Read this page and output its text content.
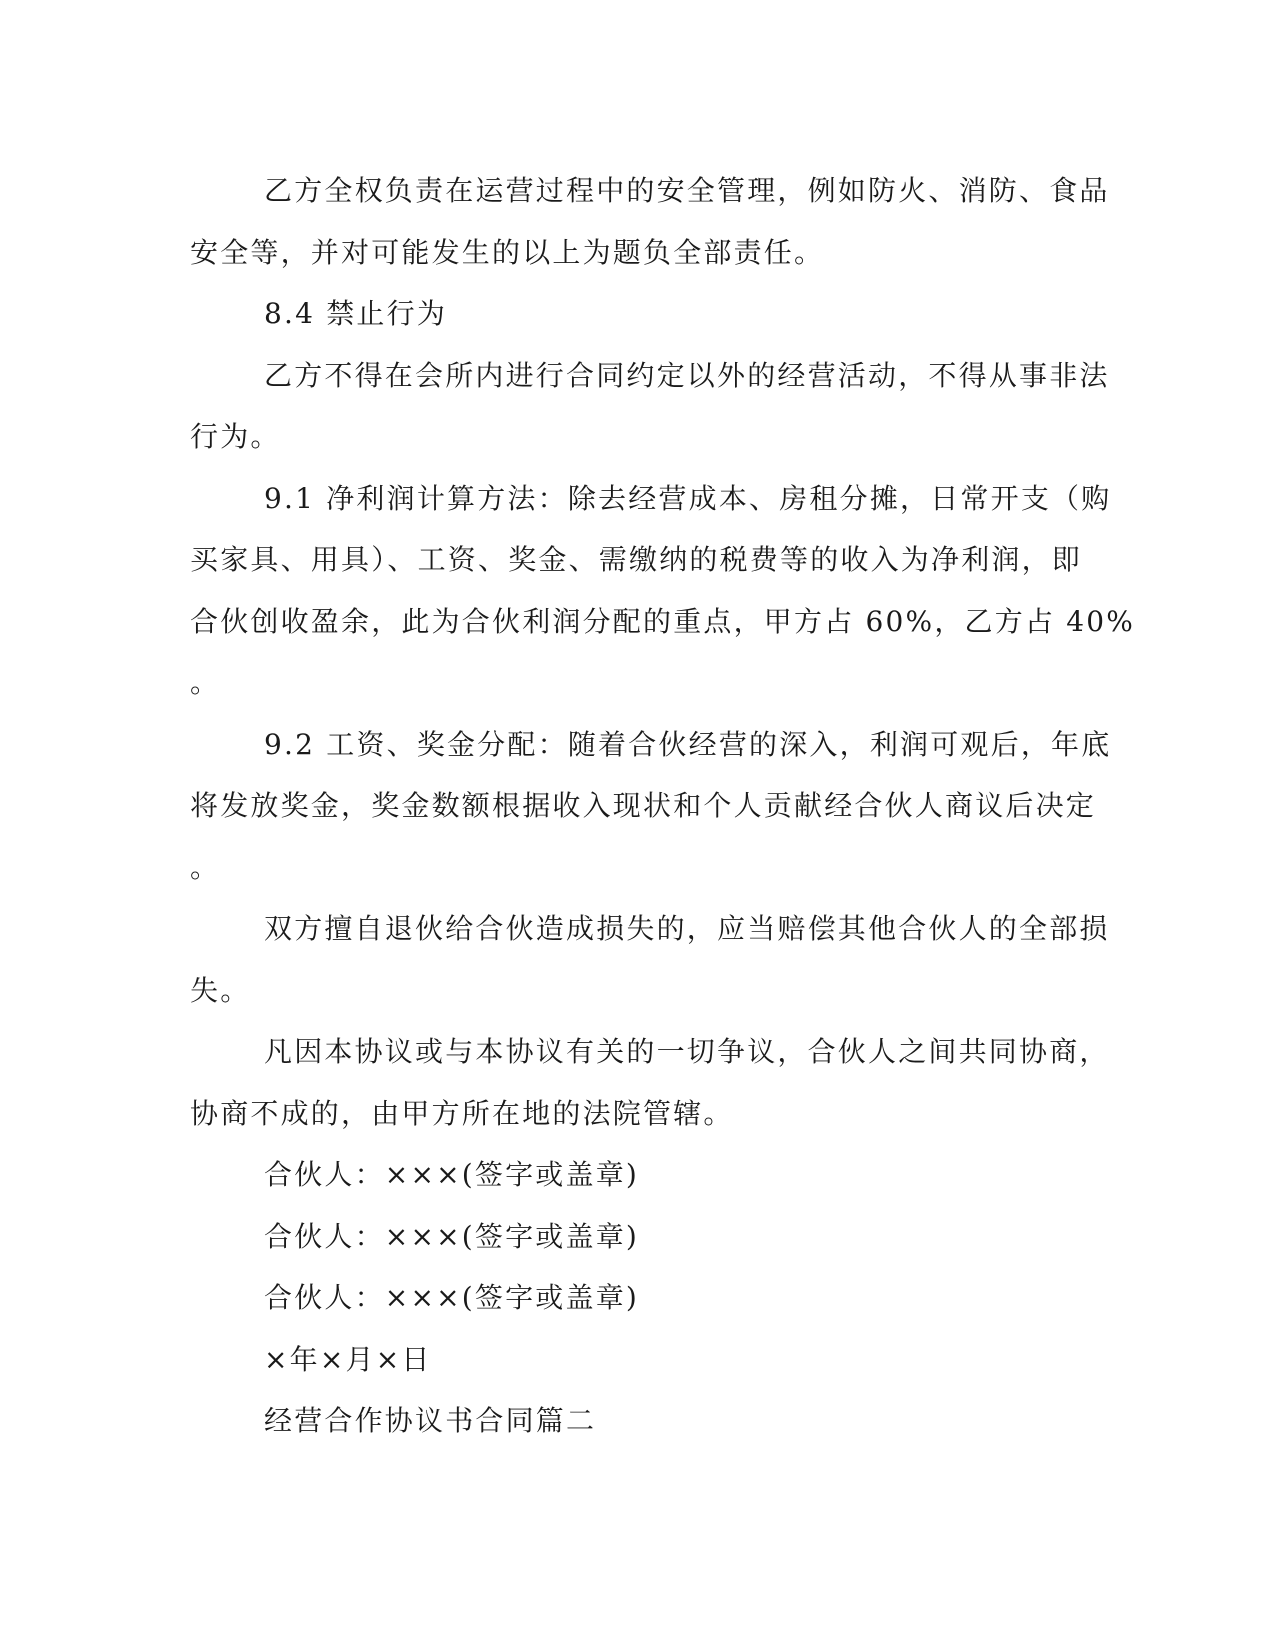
乙方全权负责在运营过程中的安全管理，例如防火、消防、食品
安全等，并对可能发生的以上为题负全部责任。
8.4 禁止行为
乙方不得在会所内进行合同约定以外的经营活动，不得从事非法
行为。
9.1 净利润计算方法：除去经营成本、房租分摊，日常开支（购
买家具、用具）、工资、奖金、需缴纳的税费等的收入为净利润，即
合伙创收盈余，此为合伙利润分配的重点，甲方占 60%，乙方占 40%
。
9.2 工资、奖金分配：随着合伙经营的深入，利润可观后，年底
将发放奖金，奖金数额根据收入现状和个人贡献经合伙人商议后决定
。
双方擅自退伙给合伙造成损失的，应当赔偿其他合伙人的全部损
失。
凡因本协议或与本协议有关的一切争议，合伙人之间共同协商，
协商不成的，由甲方所在地的法院管辖。
合伙人：×××(签字或盖章)
合伙人：×××(签字或盖章)
合伙人：×××(签字或盖章)
×年×月×日
经营合作协议书合同篇二
